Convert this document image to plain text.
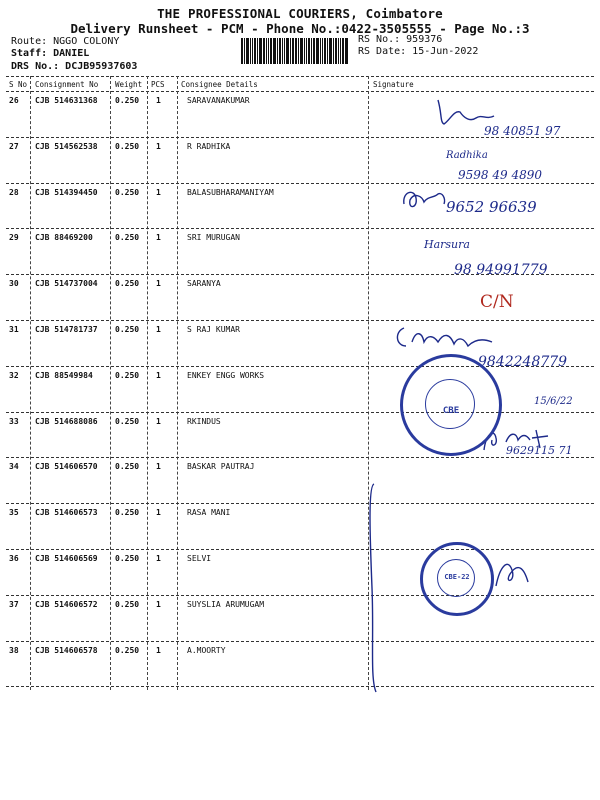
THE PROFESSIONAL COURIERS, Coimbatore
Delivery Runsheet - PCM - Phone No.:0422-3505555 - Page No.:3
Route: NGGO COLONY
Staff: DANIEL
DRS No.: DCJB95937603
RS No.: 959376
RS Date: 15-Jun-2022
S No Consignment No Weight PCS Consignee Details	Signature
26 CJB 514631368 0.250 1	SARAVANAKUMAR
27 CJB 514562538 0.250 1	R RADHIKA
28 CJB 514394450 0.250 1	BALASUBHARAMANIYAM
29 CJB 88469200	0.250 1	SRI MURUGAN
30 CJB 514737004 0.250 1	SARANYA
31 CJB 514781737 0.250 1	S RAJ KUMAR
32 CJB 88549984	0.250 1	ENKEY ENGG WORKS
33 CJB 514688086 0.250 1	RKINDUS
34 CJB 514606570 0.250 1	BASKAR PAUTRAJ
35 CJB 514606573 0.250 1	RASA MANI
36 CJB 514606569 0.250 1	SELVI
37 CJB 514606572 0.250 1	SUYSLIA ARUMUGAM
38 CJB 514606578 0.250 1	A.MOORTY
98 40851 97
Radhika
9598 49 4890
9652 96639
Harsura
98 94991779
C/N
9842248779
15/6/22
9629115 71
CBE
CBE-22
